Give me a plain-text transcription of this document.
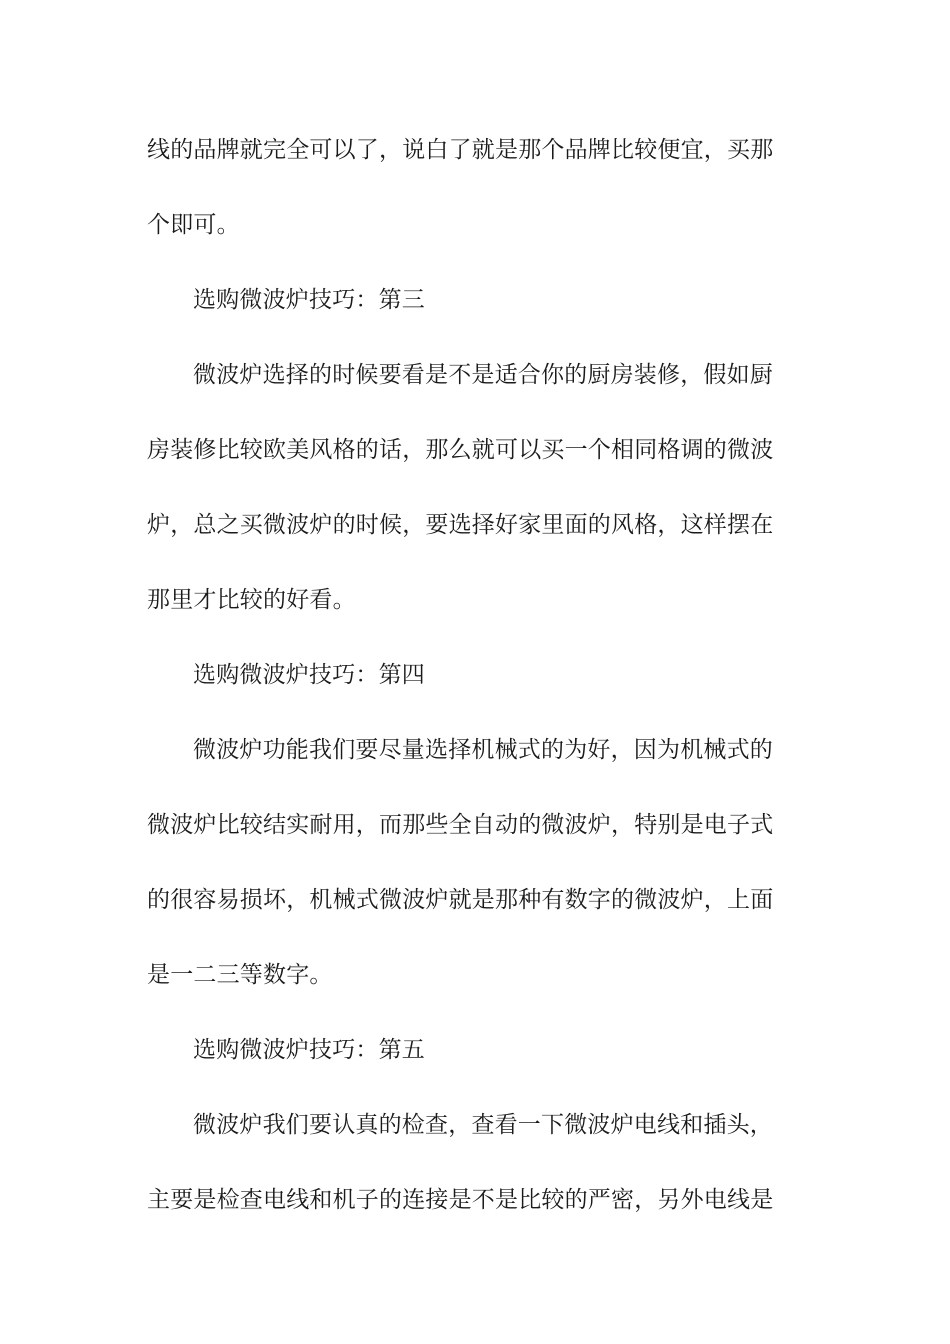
线的品牌就完全可以了，说白了就是那个品牌比较便宜，买那
个即可。
选购微波炉技巧：第三
微波炉选择的时候要看是不是适合你的厨房装修，假如厨
房装修比较欧美风格的话，那么就可以买一个相同格调的微波
炉，总之买微波炉的时候，要选择好家里面的风格，这样摆在
那里才比较的好看。
选购微波炉技巧：第四
微波炉功能我们要尽量选择机械式的为好，因为机械式的
微波炉比较结实耐用，而那些全自动的微波炉，特别是电子式
的很容易损坏，机械式微波炉就是那种有数字的微波炉，上面
是一二三等数字。
选购微波炉技巧：第五
微波炉我们要认真的检查，查看一下微波炉电线和插头，
主要是检查电线和机子的连接是不是比较的严密，另外电线是
